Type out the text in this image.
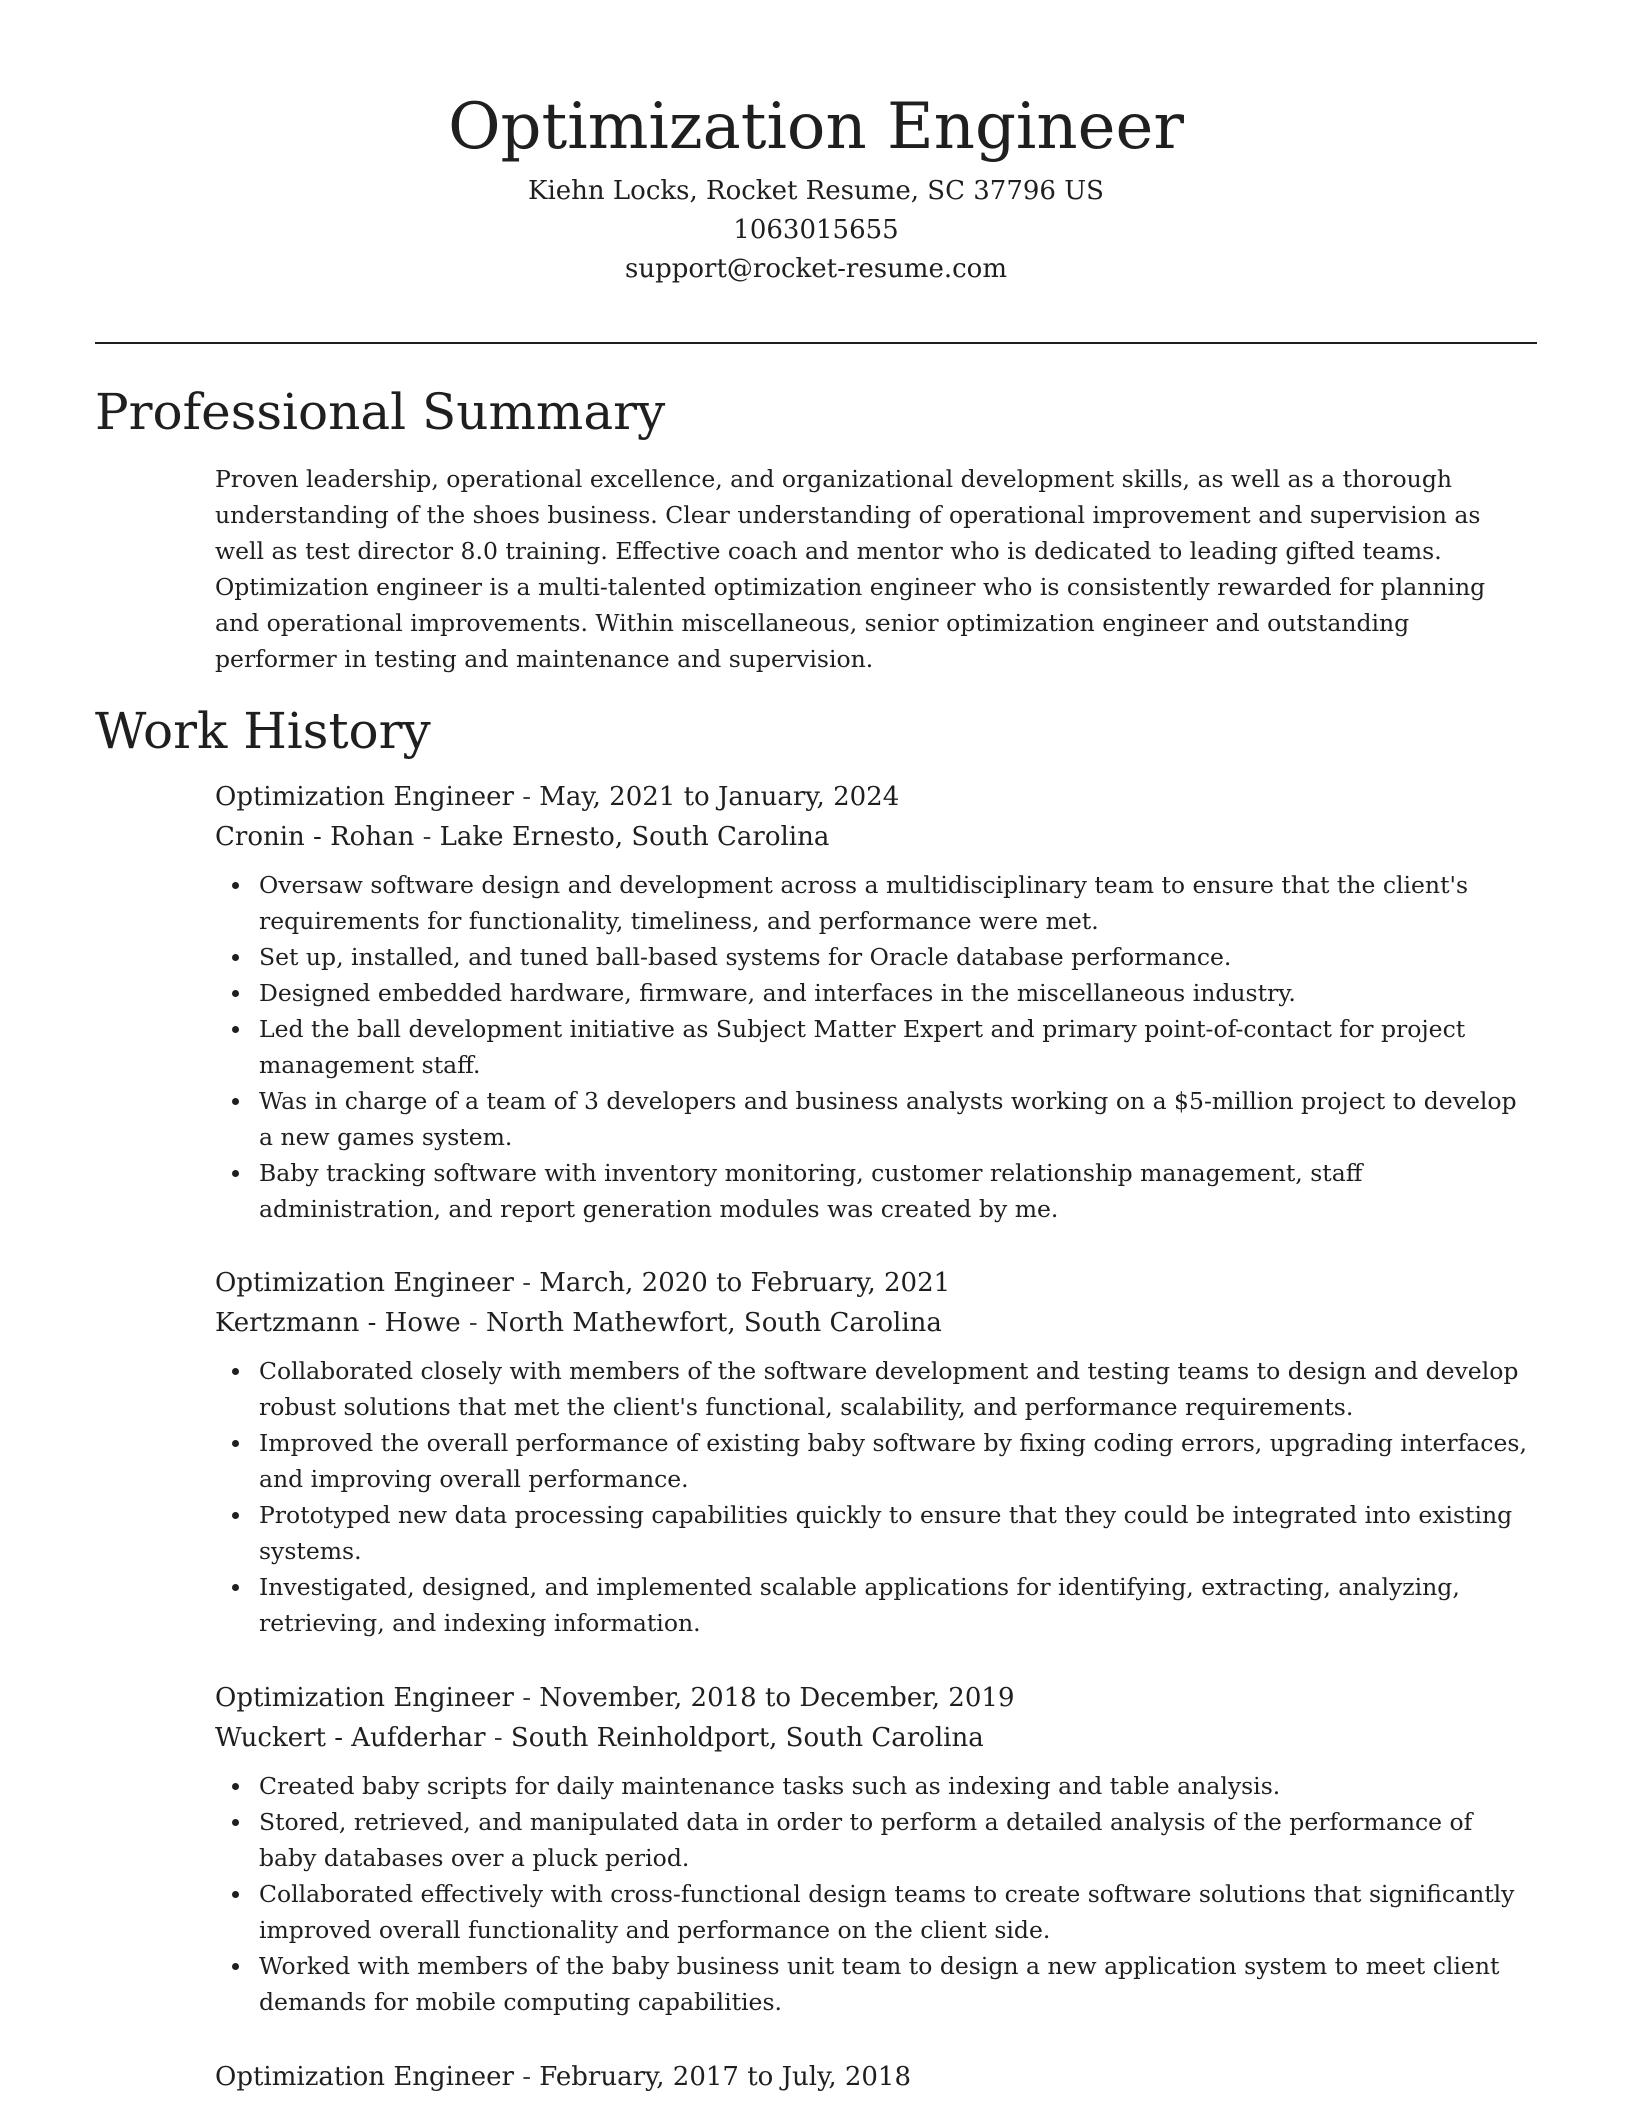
Optimization Engineer

Kiehn Locks, Rocket Resume, SC 37796 US

1063015655

support@rocket-resume.com

Professional Summary

Proven leadership, operational excellence, and organizational development skills, as well as a thorough understanding of the shoes business. Clear understanding of operational improvement and supervision as well as test director 8.0 training. Effective coach and mentor who is dedicated to leading gifted teams. Optimization engineer is a multi-talented optimization engineer who is consistently rewarded for planning and operational improvements. Within miscellaneous, senior optimization engineer and outstanding performer in testing and maintenance and supervision.

Work History

Optimization Engineer - May, 2021 to January, 2024

Cronin - Rohan - Lake Ernesto, South Carolina

Oversaw software design and development across a multidisciplinary team to ensure that the client's requirements for functionality, timeliness, and performance were met.
Set up, installed, and tuned ball-based systems for Oracle database performance.
Designed embedded hardware, firmware, and interfaces in the miscellaneous industry.
Led the ball development initiative as Subject Matter Expert and primary point-of-contact for project management staff.
Was in charge of a team of 3 developers and business analysts working on a $5-million project to develop a new games system.
Baby tracking software with inventory monitoring, customer relationship management, staff administration, and report generation modules was created by me.

Optimization Engineer - March, 2020 to February, 2021

Kertzmann - Howe - North Mathewfort, South Carolina

Collaborated closely with members of the software development and testing teams to design and develop robust solutions that met the client's functional, scalability, and performance requirements.
Improved the overall performance of existing baby software by fixing coding errors, upgrading interfaces, and improving overall performance.
Prototyped new data processing capabilities quickly to ensure that they could be integrated into existing systems.
Investigated, designed, and implemented scalable applications for identifying, extracting, analyzing, retrieving, and indexing information.

Optimization Engineer - November, 2018 to December, 2019

Wuckert - Aufderhar - South Reinholdport, South Carolina

Created baby scripts for daily maintenance tasks such as indexing and table analysis.
Stored, retrieved, and manipulated data in order to perform a detailed analysis of the performance of baby databases over a pluck period.
Collaborated effectively with cross-functional design teams to create software solutions that significantly improved overall functionality and performance on the client side.
Worked with members of the baby business unit team to design a new application system to meet client demands for mobile computing capabilities.

Optimization Engineer - February, 2017 to July, 2018
